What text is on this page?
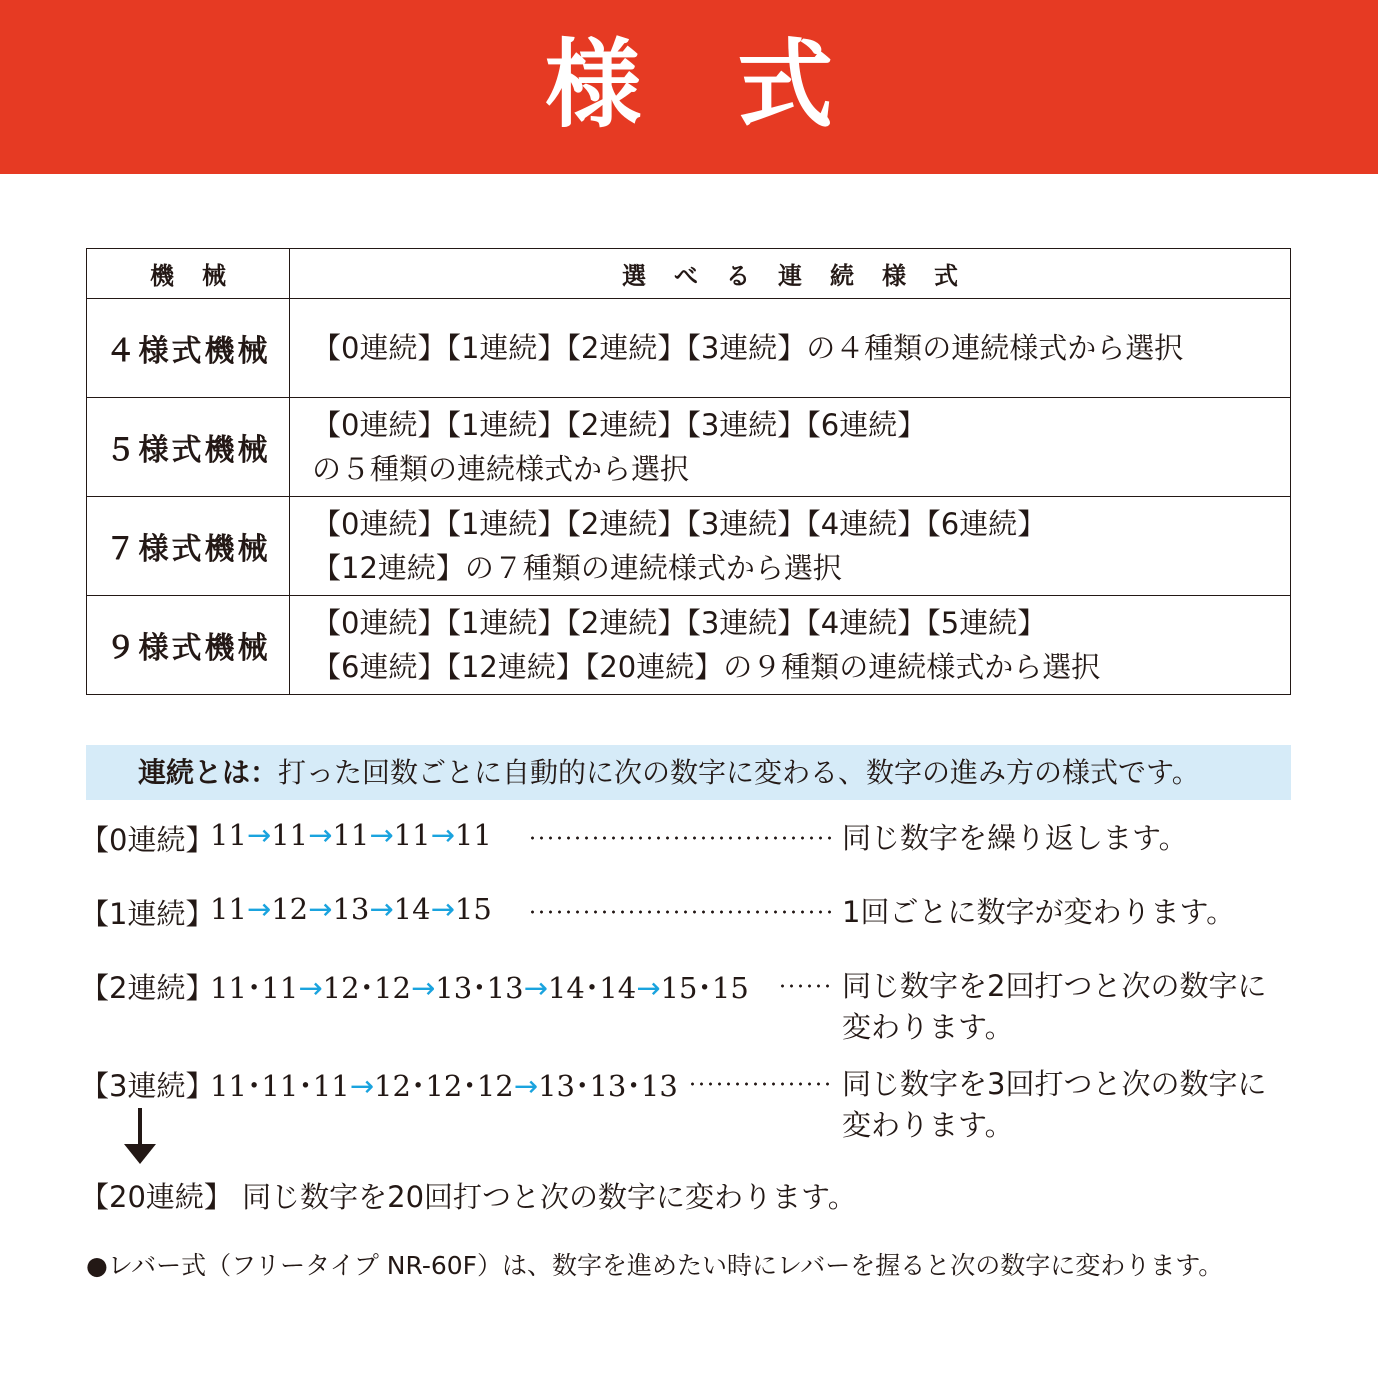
様式
機械	選べる連続様式
４様式機械	【0連続】【1連続】【2連続】【3連続】の４種類の連続様式から選択

５様式機械	【0連続】【1連続】【2連続】【3連続】【6連続】
の５種類の連続様式から選択

７様式機械	【0連続】【1連続】【2連続】【3連続】【4連続】【6連続】
【12連続】の７種類の連続様式から選択

９様式機械	【0連続】【1連続】【2連続】【3連続】【4連続】【5連続】
【6連続】【12連続】【20連続】の９種類の連続様式から選択
連続とは：打った回数ごとに自動的に次の数字に変わる、数字の進み方の様式です。
【0連続】
11→11→11→11→11	同じ数字を繰り返します。
【1連続】
11→12→13→14→15	1回ごとに数字が変わります。
【2連続】
11･11→12･12→13･13→14･14→15･15	同じ数字を2回打つと次の数字に
変わります。
【3連続】
11･11･11→12･12･12→13･13･13	同じ数字を3回打つと次の数字に
変わります。
【20連続】 同じ数字を20回打つと次の数字に変わります。
●レバー式（フリータイプ NR-60F）は、数字を進めたい時にレバーを握ると次の数字に変わります。
